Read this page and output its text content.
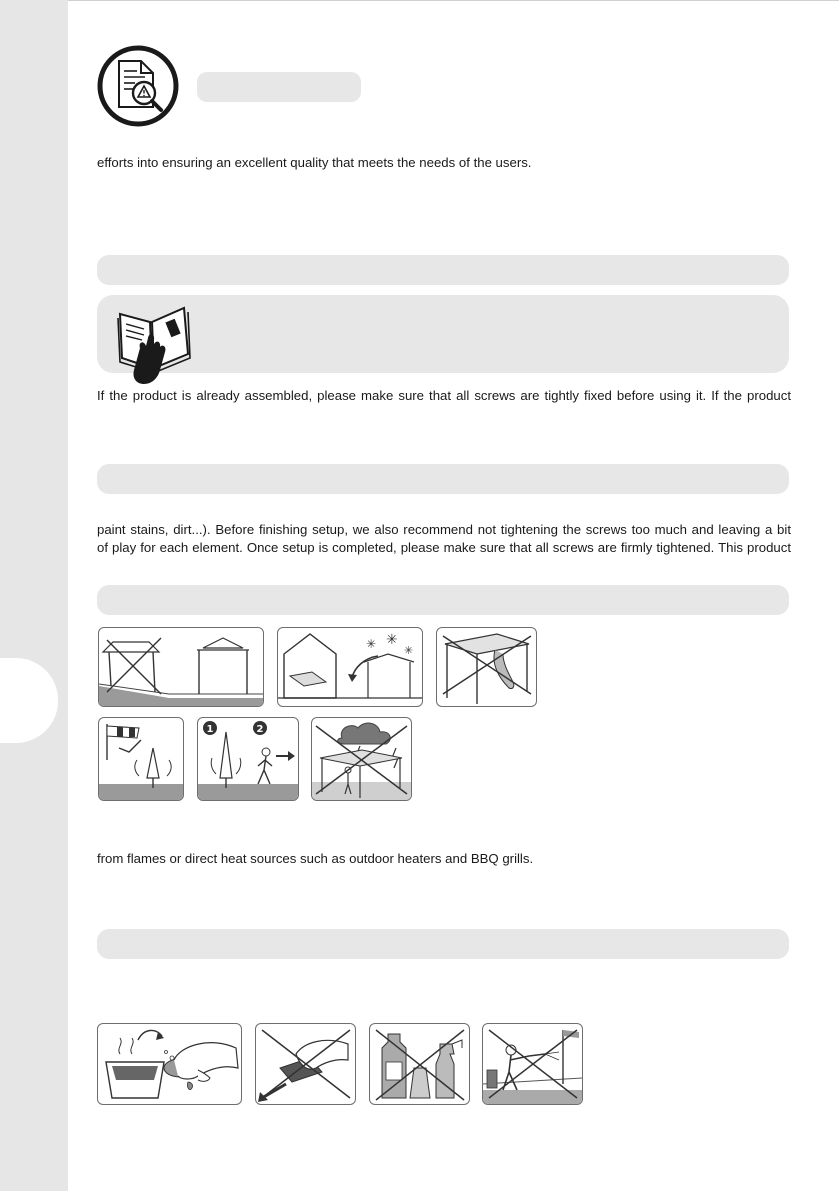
efforts into ensuring an excellent quality that meets the needs of the users.
If the product is already assembled, please make sure that all screws are tightly fixed before using it. If the product
paint stains, dirt...). Before finishing setup, we also recommend not tightening the screws too much and leaving a bit
of play for each element. Once setup is completed, please make sure that all screws are firmly tightened. This product
✳ ✳
✳
1	2
from flames or direct heat sources such as outdoor heaters and BBQ grills.
